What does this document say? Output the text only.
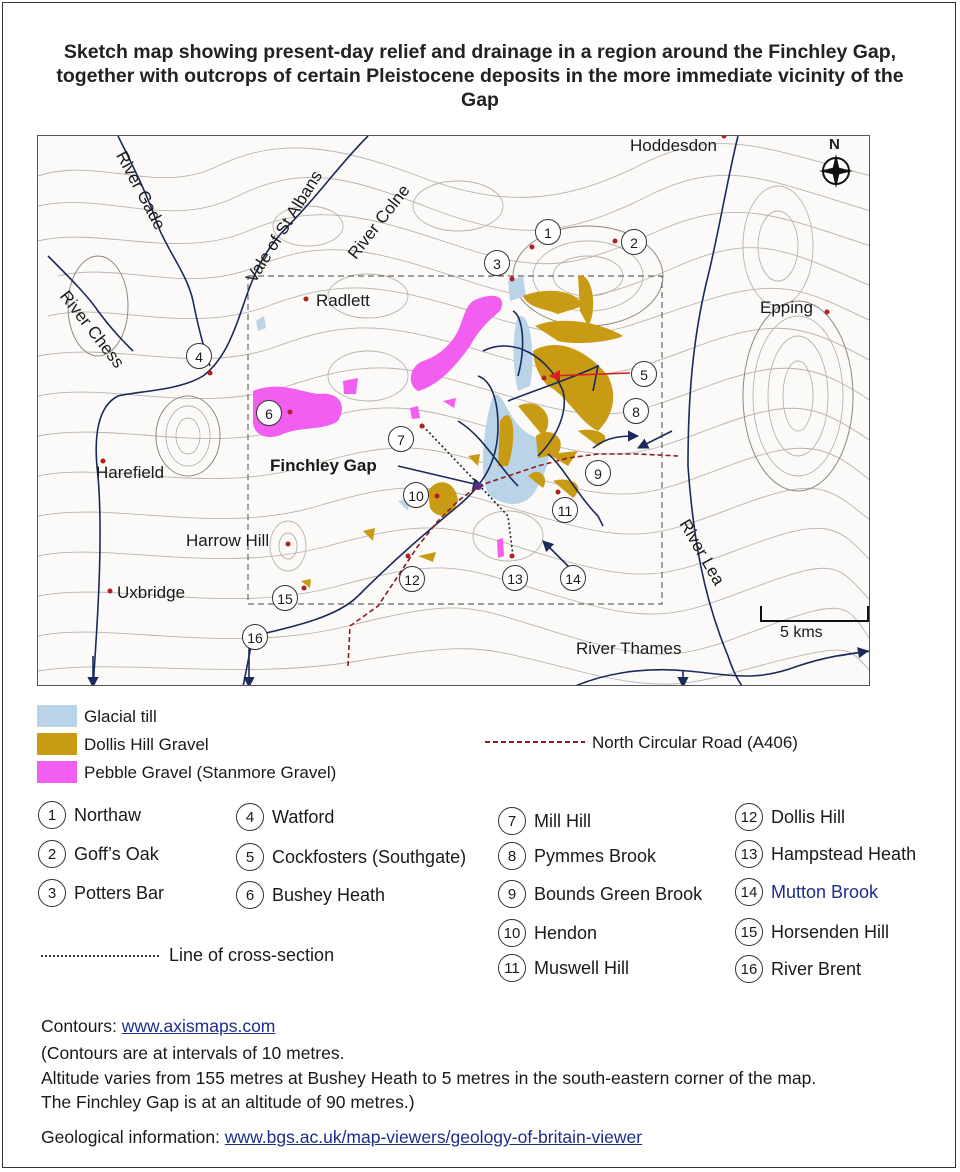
Sketch map showing present-day relief and drainage in a region around the Finchley Gap, together with outcrops of certain Pleistocene deposits in the more immediate vicinity of the Gap
Hoddesdon
Radlett	Epping
Harefield
Harrow Hill
Uxbridge
Finchley Gap
River Thames
River Gade
River Chess
River Colne
Vale of St Albans
River Lea
N
5 kms
1
2
3
4
5
6
7
8
9
10
11
12	13	14
15
16
Glacial till
Dollis Hill Gravel
Pebble Gravel (Stanmore Gravel)
North Circular Road (A406)
1 Northaw
2 Goff’s Oak
3 Potters Bar
4 Watford
5 Cockfosters (Southgate)
6 Bushey Heath
Line of cross-section
7 Mill Hill
8 Pymmes Brook
9 Bounds Green Brook
10 Hendon
11 Muswell Hill
12 Dollis Hill
13 Hampstead Heath
14 Mutton Brook
15 Horsenden Hill
16 River Brent
Contours: www.axismaps.com
(Contours are at intervals of 10 metres.
Altitude varies from 155 metres at Bushey Heath to 5 metres in the south-eastern corner of the map.
The Finchley Gap is at an altitude of 90 metres.)
Geological information: www.bgs.ac.uk/map-viewers/geology-of-britain-viewer
